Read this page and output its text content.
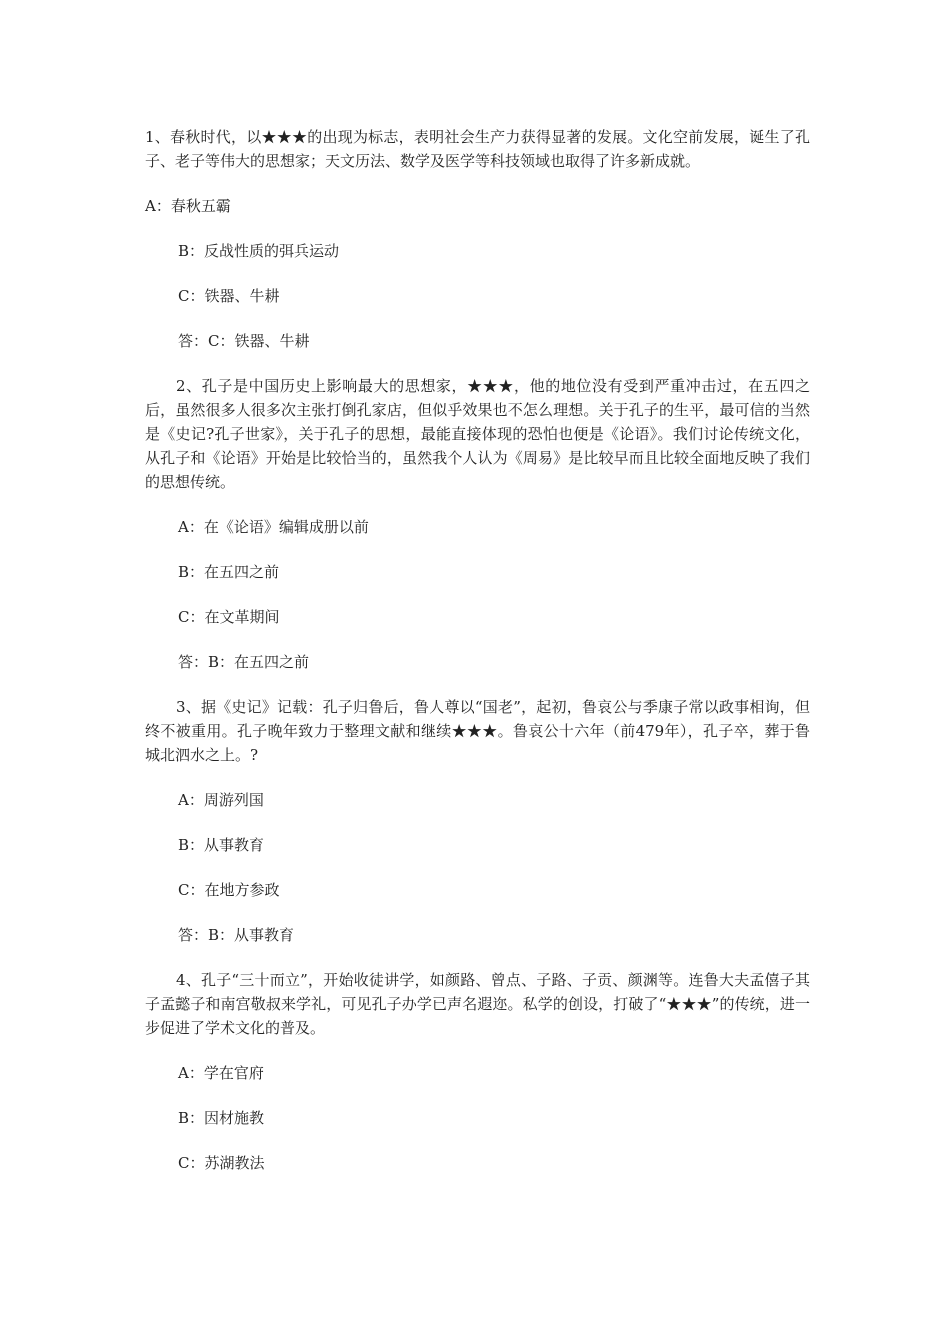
1、春秋时代，以★★★的出现为标志，表明社会生产力获得显著的发展。文化空前发展，诞生了孔子、老子等伟大的思想家；天文历法、数学及医学等科技领域也取得了许多新成就。

A：春秋五霸

B：反战性质的弭兵运动

C：铁器、牛耕

答：C：铁器、牛耕

2、孔子是中国历史上影响最大的思想家，★★★，他的地位没有受到严重冲击过，在五四之后，虽然很多人很多次主张打倒孔家店，但似乎效果也不怎么理想。关于孔子的生平，最可信的当然是《史记?孔子世家》，关于孔子的思想，最能直接体现的恐怕也便是《论语》。我们讨论传统文化，从孔子和《论语》开始是比较恰当的，虽然我个人认为《周易》是比较早而且比较全面地反映了我们的思想传统。

A：在《论语》编辑成册以前

B：在五四之前

C：在文革期间

答：B：在五四之前

3、据《史记》记载：孔子归鲁后，鲁人尊以“国老”，起初，鲁哀公与季康子常以政事相询，但终不被重用。孔子晚年致力于整理文献和继续★★★。鲁哀公十六年（前479年），孔子卒，葬于鲁城北泗水之上。?

A：周游列国

B：从事教育

C：在地方参政

答：B：从事教育

4、孔子“三十而立”，开始收徒讲学，如颜路、曾点、子路、子贡、颜渊等。连鲁大夫孟僖子其子孟懿子和南宫敬叔来学礼，可见孔子办学已声名遐迩。私学的创设，打破了“★★★”的传统，进一步促进了学术文化的普及。

A：学在官府

B：因材施教

C：苏湖教法
